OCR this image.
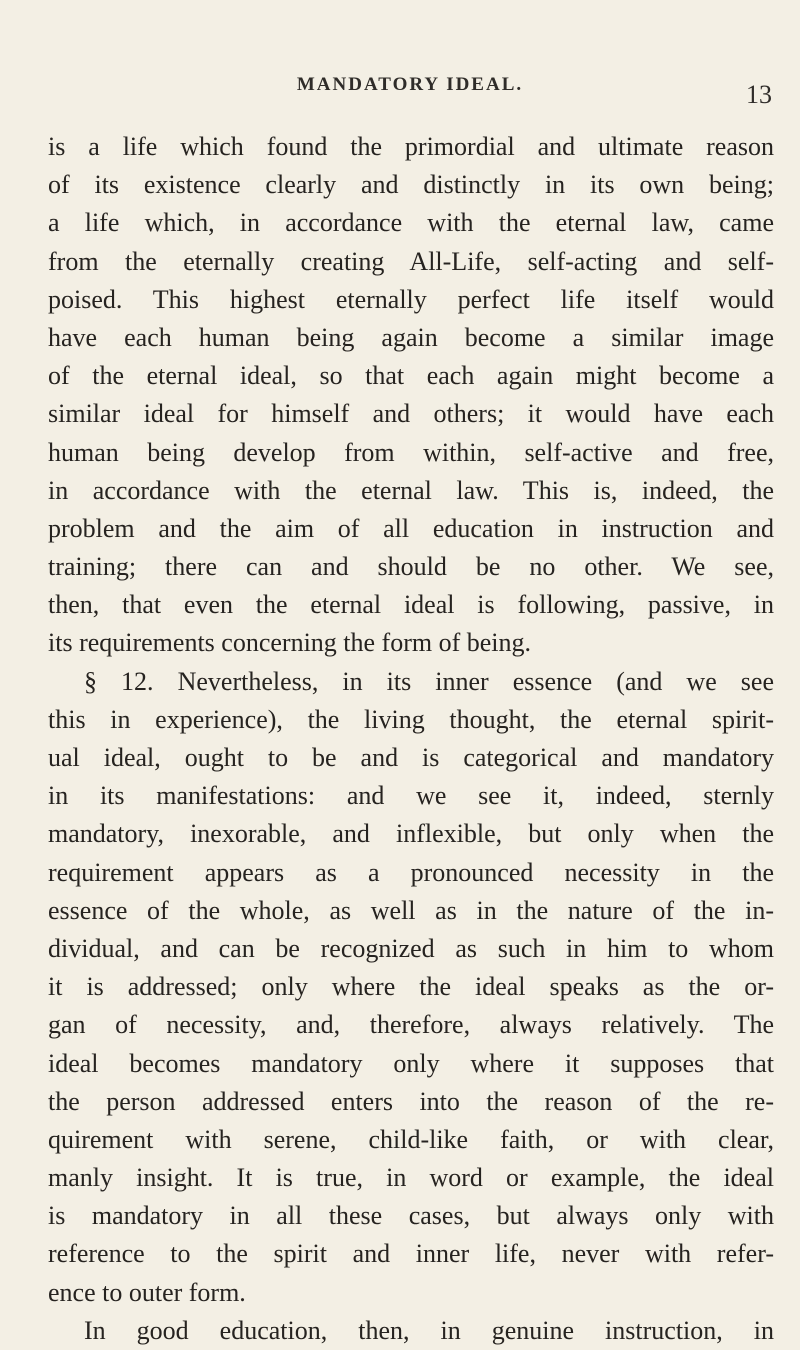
MANDATORY IDEAL.	13
is a life which found the primordial and ultimate reason
of its existence clearly and distinctly in its own being;
a life which, in accordance with the eternal law, came
from the eternally creating All-Life, self-acting and self-
poised. This highest eternally perfect life itself would
have each human being again become a similar image
of the eternal ideal, so that each again might become a
similar ideal for himself and others; it would have each
human being develop from within, self-active and free,
in accordance with the eternal law. This is, indeed, the
problem and the aim of all education in instruction and
training; there can and should be no other. We see,
then, that even the eternal ideal is following, passive, in
its requirements concerning the form of being.
§ 12. Nevertheless, in its inner essence (and we see
this in experience), the living thought, the eternal spirit-
ual ideal, ought to be and is categorical and mandatory
in its manifestations: and we see it, indeed, sternly
mandatory, inexorable, and inflexible, but only when the
requirement appears as a pronounced necessity in the
essence of the whole, as well as in the nature of the in-
dividual, and can be recognized as such in him to whom
it is addressed; only where the ideal speaks as the or-
gan of necessity, and, therefore, always relatively. The
ideal becomes mandatory only where it supposes that
the person addressed enters into the reason of the re-
quirement with serene, child-like faith, or with clear,
manly insight. It is true, in word or example, the ideal
is mandatory in all these cases, but always only with
reference to the spirit and inner life, never with refer-
ence to outer form.
In good education, then, in genuine instruction, in
